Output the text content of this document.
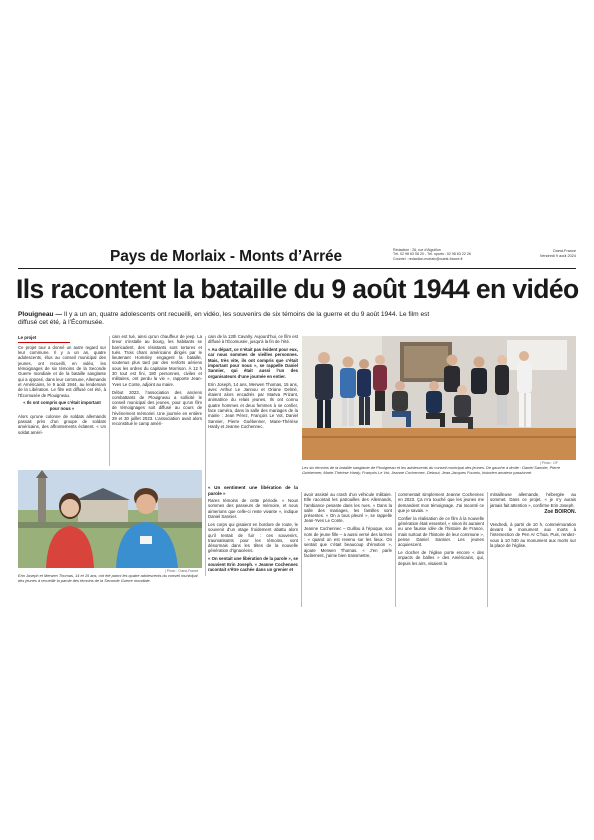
Pays de Morlaix - Monts d’Arrée	Rédaction : 26, rue d’Aiguillon
Tél. 02 98 63 08 20 - Tél. sports : 02 98 63 22 26
Courriel : redaction.morlaix@ouest-france.fr
Ouest-France
Vendredi 9 août 2024
Ils racontent la bataille du 9 août 1944 en vidéo
Plouigneau — Il y a un an, quatre adolescents ont recueilli, en vidéo, les souvenirs de six témoins de la guerre et du 9 août 1944. Le film est diffusé cet été, à l’Écomusée.
Le projet

Ce projet tour a donné un autre regard sur leur commune. Il y a un an, quatre adolescents, élus au conseil municipal des jeunes, ont recueilli, en vidéo, les témoignages de six témoins de la Seconde Guerre mondiale et de la bataille sanglante qui a opposé, dans leur commune, Allemands et Américains, le 9 août 1944, au lendemain de la Libération. Le film est diffusé cet été, à l’Écomusée de Plouigneau.

« Ils ont compris que c’était important pour nous »

Alors qu’une colonne de soldats allemands passait près d’un groupe de soldats américains, des affrontements éclatent. « Un soldat améri-

cain est tué, ainsi qu’un chauffeur de jeep. La tireur s’installe au bourg, les habitants se barricadent, des résistants sont tortures et tués. Trois chars américains dirigés par le lieutenant Homsley engagent la bataille, soutenus plus tard par des renforts aériens sous les ordres du capitaine Morrison. À 12 h 30 tout est fini, 180 personnes, civiles et militaires, ont perdu la vie », rapporte Jean-Yves Le Conte, adjoint au maire.

Début 2023, l’association des anciens combattants de Plouigneau a sollicité le conseil municipal des jeunes, pour qu’un film de témoignages soit diffusé au cours de l’événement mémoriel. Une journée en entière 29 et 30 juillet 2023. L’association avait alors reconstitué le camp améri-

cain de la 13th Cavalry. Aujourd’hui, ce film est diffusé à l’Écomusée, jusqu’à la fin de l’été.

« Au départ, ce n’était pas évident pour eux, car nous sommes de vieilles personnes. Mais, très vite, ils ont compris que c’était important pour nous », se rappelle Daniel Sannier, qui était aussi l’un des organisateurs d’une journée en entier.

Erin Joseph, 14 ans, Merwen Thomas, 15 ans, avec Arthur Le Jannou et Oriane Delmé, étaient alors encadrés par Maëva Prizant, animatrice du relais jeunes. Ils ont connu quatre hommes et deux femmes à se confier, face caméra, dans la salle des mariages de la mairie : Jean Pérez, François Le Vot, Daniel Sannier, Pierre Guébenner, Marie-Thérèse Hardy et Jeanne Cochennec.

| Photo : OF
Les six témoins de la bataille sanglante de Plouigneau et les adolescents du conseil municipal des jeunes. De gauche à droite : Daniel Sannier, Pierre Guébenner, Marie-Thérèse Hardy, François Le Vot, Jeanne Cochennec, Debout, Jean-Jacques Fournis, historien amateur passionné.
| Photo : Ouest-France
Erin Joseph et Merwen Thomas, 14 et 15 ans, ont été parmi les quatre adolescents du conseil municipal des jeunes à recueillir la parole des témoins de la Seconde Guerre mondiale.
« Un sentiment une libération de la parole »

Rares témoins de cette période. « Nous sommes des passeurs de mémoire, et nous aimerions que celle-ci reste vivante », indique Daniel Sannier.

Les corps qui gisaient en bordure de route, le souvenir d’un otage froidement abattu alors qu’il tentait de fuir : ces souvenirs, traumatisants pour les témoins, sont désormais dans les têtes de la nouvelle génération d’ignacéens.

« On sentait une libération de la parole », se souvient Erin Joseph. « Jeanne Cochennec racontait s’être cachée dans un grenier et

avoir assisté au crash d’un véhicule militaire. Elle racontait les patrouilles des Allemands, l’ambiance pesante dans les rues. » Dans la salle des mariages, les familles sont présentes. « On a tous pleuré », se rappelle Jean-Yves Le Conte.

Jeanne Cochennec – Guillou à l’époque, son nom de jeune fille – a aussi versé des larmes : « quand on est revenu sur les lieux. On sentait que c’était beaucoup d’émotion », ajoute Merwen Thomas. « J’en parle facilement, j’aime bien transmettre,

commentait simplement Jeanne Cochennec en 2023. Ça m’a touché que les jeunes me demandent mon témoignage. J’ai raconté ce que je savais. »

Confier la réalisation de ce film à la nouvelle génération était essentiel, « sinon ils auraient eu une fausse idée de l’histoire de France, mais surtout de l’histoire de leur commune », pense Daniel Sannier. Les jeunes acquiescent.

Le clocher de l’église porte encore « des impacts de balles » des Américains, qui, depuis les airs, visaient la

mitrailleuse allemande, hébergée au sommet. Dans ce projet, « je n’y aurais jamais fait attention », confirme Erin Joseph.

Zoé BOIRON.

Vendredi, à partir de 10 h, commémoration devant le monument aux morts à l’intersection de Pen Ar C’hoa. Puis, rendez-vous à 10 h30 au monument aux morts sur la place de l’église.
